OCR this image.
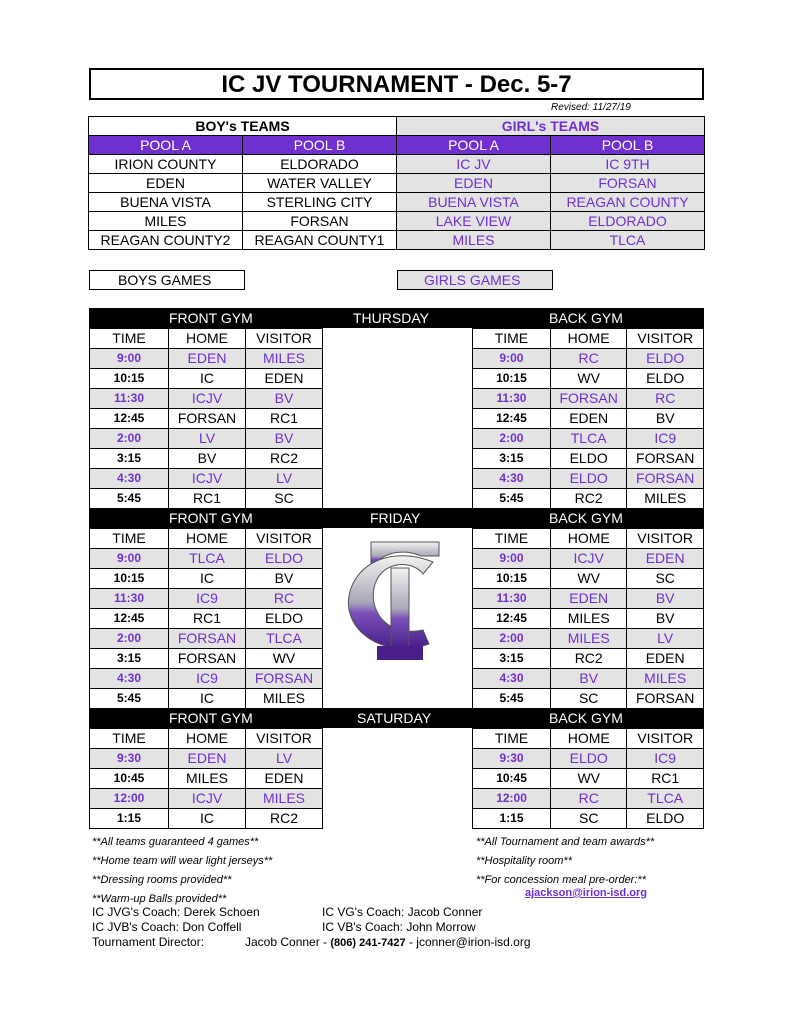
IC JV TOURNAMENT - Dec. 5-7
Revised: 11/27/19
BOY's TEAMS		GIRL's TEAMS	
POOL A	POOL B	POOL A	POOL B
IRION COUNTY	ELDORADO	IC JV	IC 9TH
EDEN	WATER VALLEY	EDEN	FORSAN
BUENA VISTA	STERLING CITY	BUENA VISTA	REAGAN COUNTY
MILES	FORSAN	LAKE VIEW	ELDORADO
REAGAN COUNTY2	REAGAN COUNTY1	MILES	TLCA
BOYS GAMES	GIRLS GAMES
FRONT GYM	THURSDAY	BACK GYM
TIME	HOME	VISITOR
9:00	EDEN	MILES
10:15	IC	EDEN
11:30	ICJV	BV
12:45	FORSAN	RC1
2:00	LV	BV
3:15	BV	RC2
4:30	ICJV	LV
5:45	RC1	SC
TIME	HOME	VISITOR
9:00	RC	ELDO
10:15	WV	ELDO
11:30	FORSAN	RC
12:45	EDEN	BV
2:00	TLCA	IC9
3:15	ELDO	FORSAN
4:30	ELDO	FORSAN
5:45	RC2	MILES
FRONT GYM	FRIDAY	BACK GYM
TIME	HOME	VISITOR
9:00	TLCA	ELDO
10:15	IC	BV
11:30	IC9	RC
12:45	RC1	ELDO
2:00	FORSAN	TLCA
3:15	FORSAN	WV
4:30	IC9	FORSAN
5:45	IC	MILES
TIME	HOME	VISITOR
9:00	ICJV	EDEN
10:15	WV	SC
11:30	EDEN	BV
12:45	MILES	BV
2:00	MILES	LV
3:15	RC2	EDEN
4:30	BV	MILES
5:45	SC	FORSAN
FRONT GYM	SATURDAY	BACK GYM
TIME	HOME	VISITOR
9:30	EDEN	LV
10:45	MILES	EDEN
12:00	ICJV	MILES
1:15	IC	RC2
TIME	HOME	VISITOR
9:30	ELDO	IC9
10:45	WV	RC1
12:00	RC	TLCA
1:15	SC	ELDO
**All teams guaranteed 4 games**
**Home team will wear light jerseys**
**Dressing rooms provided**
**Warm-up Balls provided**
**All Tournament and team awards**
**Hospitality room**
**For concession meal pre-order:**
ajackson@irion-isd.org
IC JVG's Coach: Derek Schoen	IC VG's Coach: Jacob Conner
IC JVB's Coach: Don Coffell	IC VB's Coach: John Morrow
Tournament Director:	Jacob Conner - (806) 241-7427 - jconner@irion-isd.org
